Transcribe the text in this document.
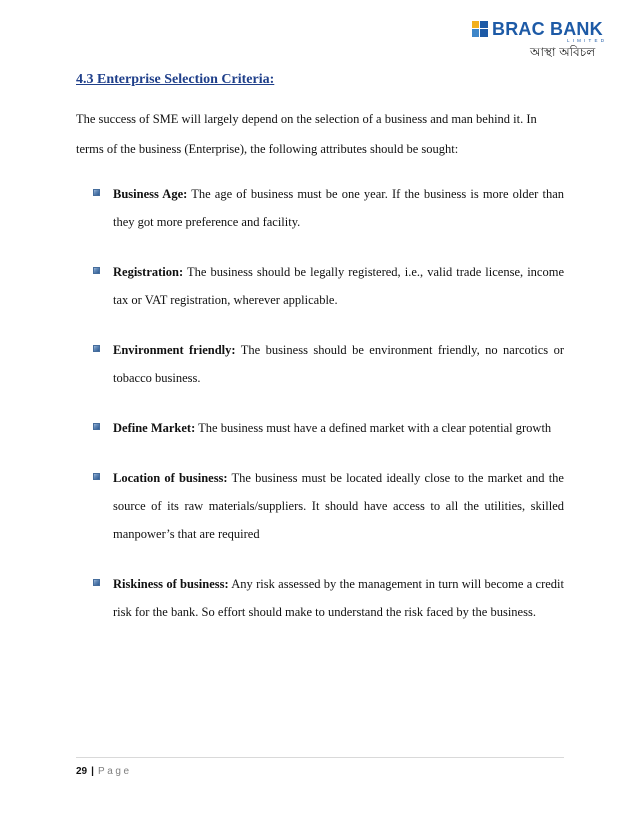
BRAC BANK
LIMITED
আস্থা অবিচল
4.3 Enterprise Selection Criteria:

The success of SME will largely depend on the selection of a business and man behind it. In terms of the business (Enterprise), the following attributes should be sought:

Business Age: The age of business must be one year. If the business is more older than they got more preference and facility.
Registration: The business should be legally registered, i.e., valid trade license, income tax or VAT registration, wherever applicable.
Environment friendly: The business should be environment friendly, no narcotics or tobacco business.
Define Market: The business must have a defined market with a clear potential growth
Location of business: The business must be located ideally close to the market and the source of its raw materials/suppliers. It should have access to all the utilities, skilled manpower’s that are required
Riskiness of business: Any risk assessed by the management in turn will become a credit risk for the bank. So effort should make to understand the risk faced by the business.
29 | Page
